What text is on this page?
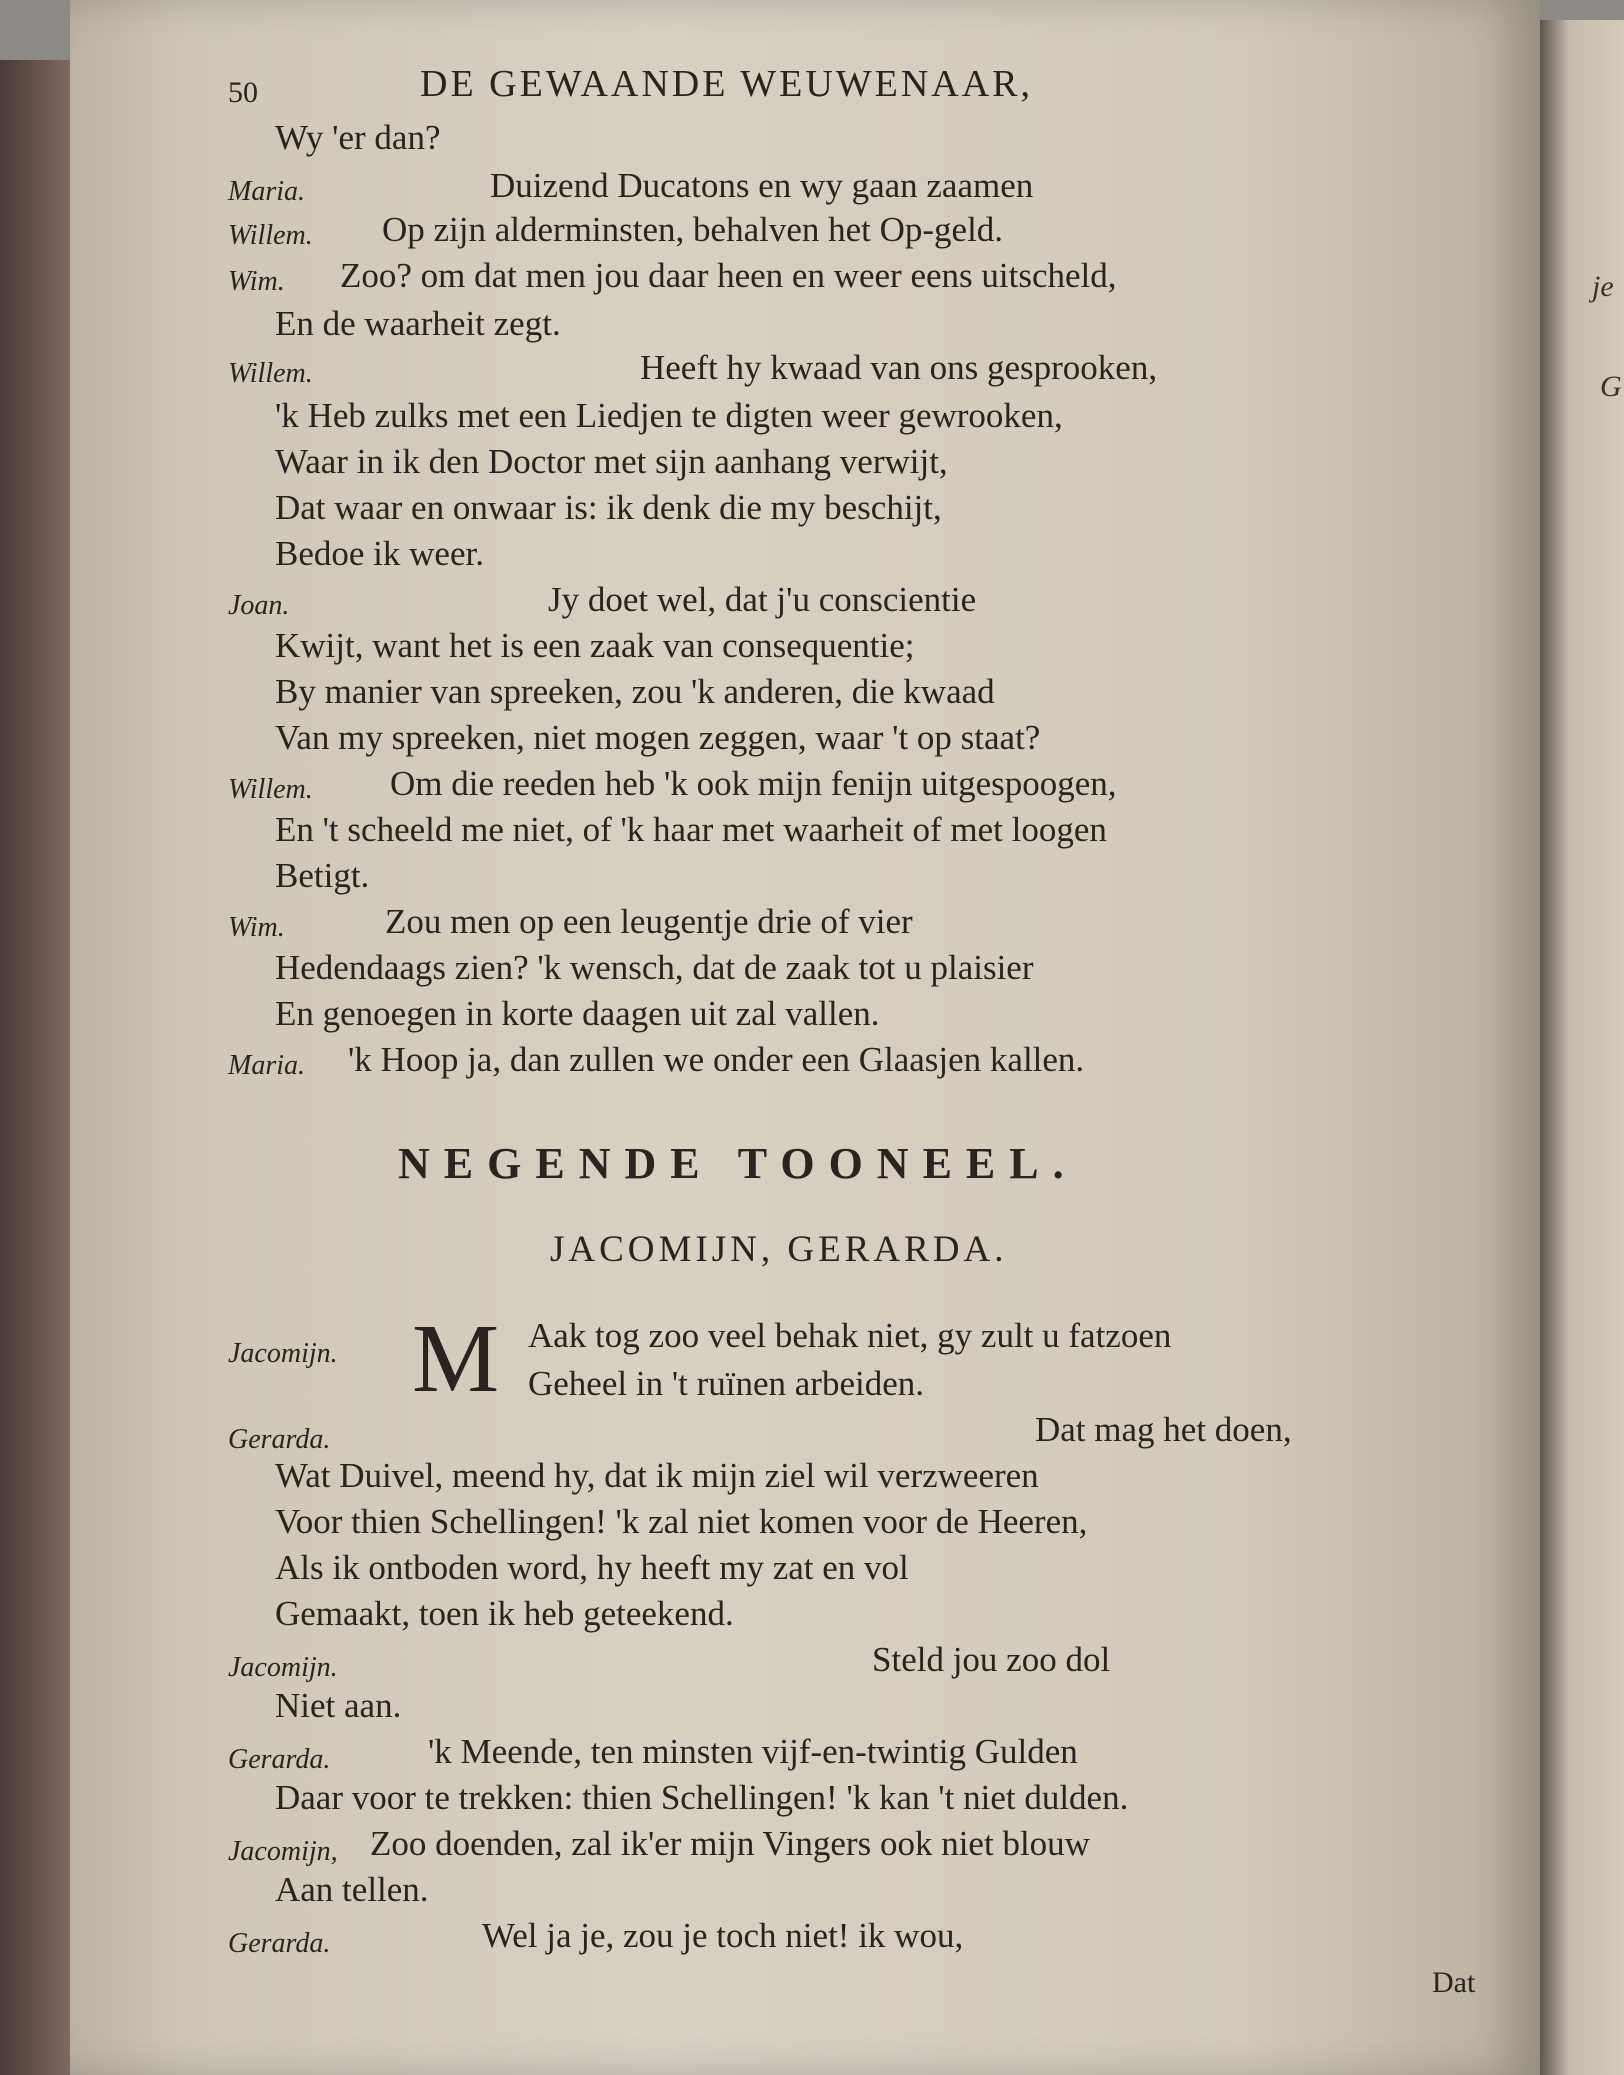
je
G
50	DE GEWAANDE WEUWENAAR,
Wy 'er dan?
Maria.	Duizend Ducatons en wy gaan zaamen
Willem. Op zijn alderminsten, behalven het Op-geld.
Wim. Zoo? om dat men jou daar heen en weer eens uitscheld,
En de waarheit zegt.
Willem.	Heeft hy kwaad van ons gesprooken,
'k Heb zulks met een Liedjen te digten weer gewrooken,
Waar in ik den Doctor met sijn aanhang verwijt,
Dat waar en onwaar is: ik denk die my beschijt,
Bedoe ik weer.
Joan.	Jy doet wel, dat j'u conscientie
Kwijt, want het is een zaak van consequentie;
By manier van spreeken, zou 'k anderen, die kwaad
Van my spreeken, niet mogen zeggen, waar 't op staat?
Willem. Om die reeden heb 'k ook mijn fenijn uitgespoogen,
En 't scheeld me niet, of 'k haar met waarheit of met loogen
Betigt.
Wim.	Zou men op een leugentje drie of vier
Hedendaags zien? 'k wensch, dat de zaak tot u plaisier
En genoegen in korte daagen uit zal vallen.
Maria. 'k Hoop ja, dan zullen we onder een Glaasjen kallen.
NEGENDE TOONEEL.
JACOMIJN, GERARDA.
Jacomijn. M Aak tog zoo veel behak niet, gy zult u fatzoen
Geheel in 't ruïnen arbeiden.
Gerarda.	Dat mag het doen,
Wat Duivel, meend hy, dat ik mijn ziel wil verzweeren
Voor thien Schellingen! 'k zal niet komen voor de Heeren,
Als ik ontboden word, hy heeft my zat en vol
Gemaakt, toen ik heb geteekend.
Jacomijn.	Steld jou zoo dol
Niet aan.
Gerarda.	'k Meende, ten minsten vijf-en-twintig Gulden
Daar voor te trekken: thien Schellingen! 'k kan 't niet dulden.
Jacomijn, Zoo doenden, zal ik'er mijn Vingers ook niet blouw
Aan tellen.
Gerarda.	Wel ja je, zou je toch niet! ik wou,
Dat
